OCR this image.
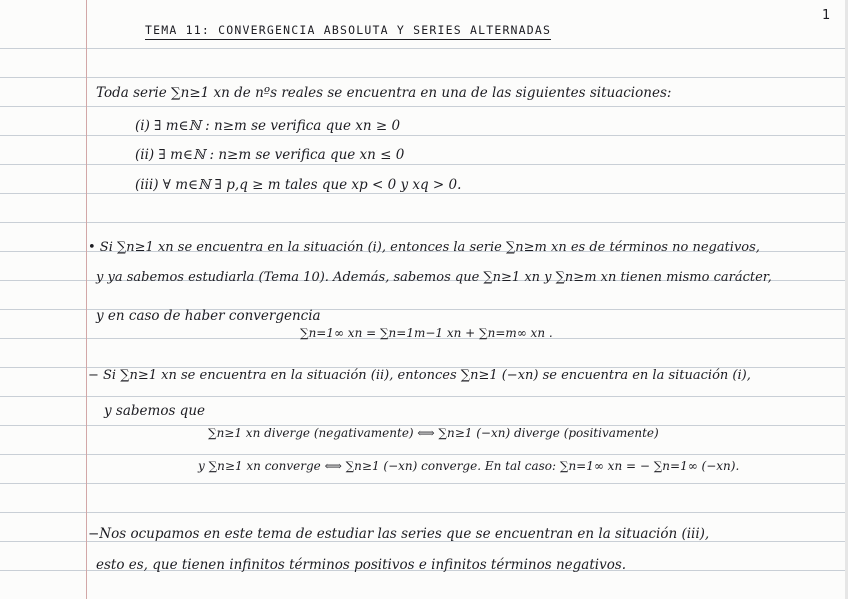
1
TEMA 11: CONVERGENCIA ABSOLUTA Y SERIES ALTERNADAS
Toda serie ∑n≥1 xn de nºs reales se encuentra en una de las siguientes situaciones:
(i) ∃ m∈ℕ : n≥m se verifica que xn ≥ 0
(ii) ∃ m∈ℕ : n≥m se verifica que xn ≤ 0
(iii) ∀ m∈ℕ ∃ p,q ≥ m tales que xp < 0 y xq > 0.
• Si ∑n≥1 xn se encuentra en la situación (i), entonces la serie ∑n≥m xn es de términos no negativos,
y ya sabemos estudiarla (Tema 10). Además, sabemos que ∑n≥1 xn y ∑n≥m xn tienen mismo carácter,
y en caso de haber convergencia
∑n=1∞ xn = ∑n=1m−1 xn + ∑n=m∞ xn .
− Si ∑n≥1 xn se encuentra en la situación (ii), entonces ∑n≥1 (−xn) se encuentra en la situación (i),
y sabemos que
∑n≥1 xn diverge (negativamente) ⟺ ∑n≥1 (−xn) diverge (positivamente)
y ∑n≥1 xn converge ⟺ ∑n≥1 (−xn) converge. En tal caso: ∑n=1∞ xn = − ∑n=1∞ (−xn).
−Nos ocupamos en este tema de estudiar las series que se encuentran en la situación (iii),
esto es, que tienen infinitos términos positivos e infinitos términos negativos.
